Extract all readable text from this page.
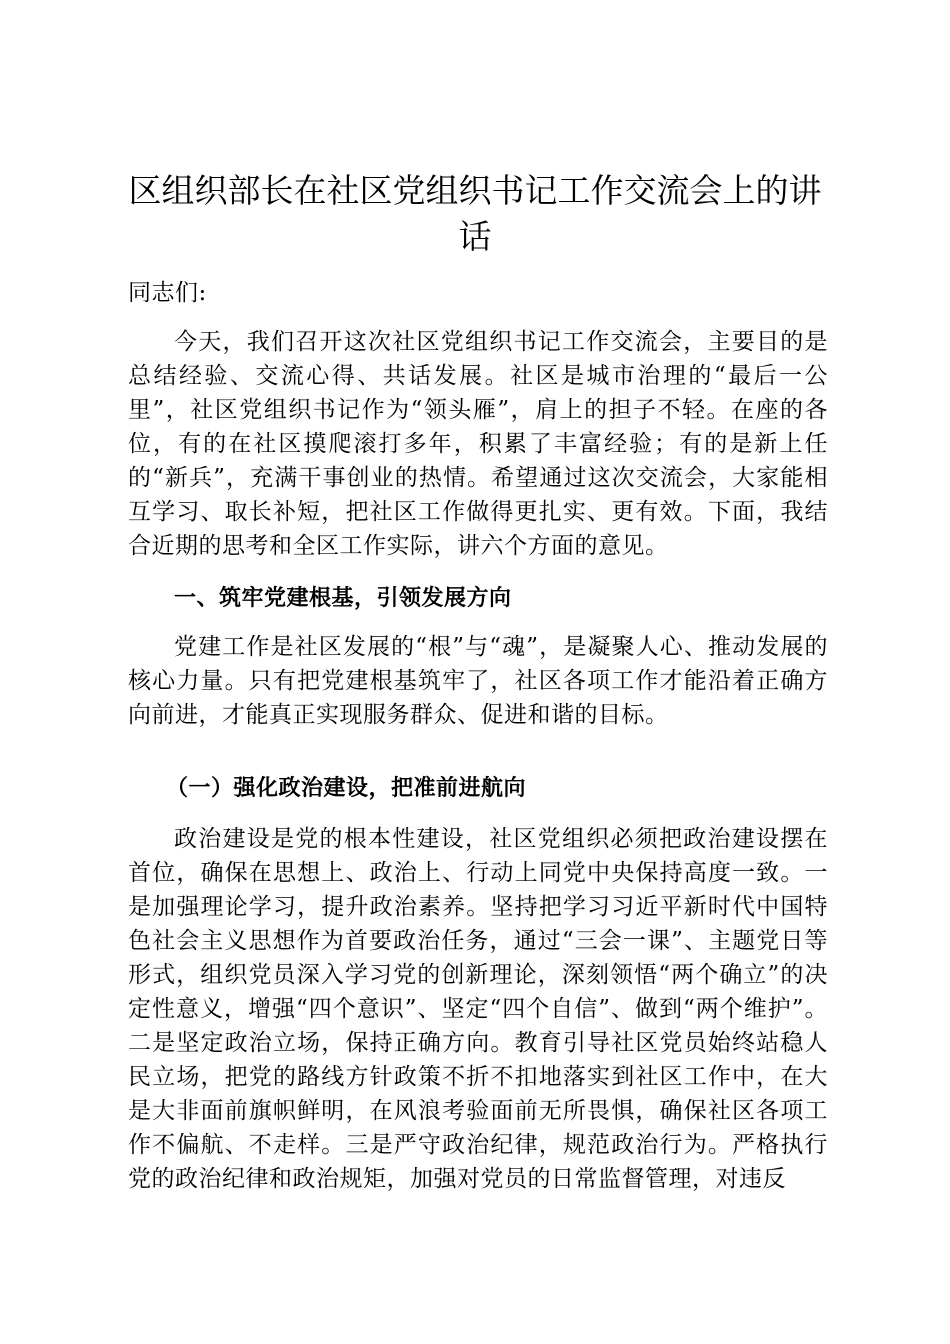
区组织部长在社区党组织书记工作交流会上的讲话

同志们:

今天，我们召开这次社区党组织书记工作交流会，主要目的是总结经验、交流心得、共话发展。社区是城市治理的“最后一公里”，社区党组织书记作为“领头雁”，肩上的担子不轻。在座的各位，有的在社区摸爬滚打多年，积累了丰富经验；有的是新上任的“新兵”，充满干事创业的热情。希望通过这次交流会，大家能相互学习、取长补短，把社区工作做得更扎实、更有效。下面，我结合近期的思考和全区工作实际，讲六个方面的意见。

一、筑牢党建根基，引领发展方向

党建工作是社区发展的“根”与“魂”，是凝聚人心、推动发展的核心力量。只有把党建根基筑牢了，社区各项工作才能沿着正确方向前进，才能真正实现服务群众、促进和谐的目标。

（一）强化政治建设，把准前进航向

政治建设是党的根本性建设，社区党组织必须把政治建设摆在首位，确保在思想上、政治上、行动上同党中央保持高度一致。一是加强理论学习，提升政治素养。坚持把学习习近平新时代中国特色社会主义思想作为首要政治任务，通过“三会一课”、主题党日等形式，组织党员深入学习党的创新理论，深刻领悟“两个确立”的决定性意义，增强“四个意识”、坚定“四个自信”、做到“两个维护”。二是坚定政治立场，保持正确方向。教育引导社区党员始终站稳人民立场，把党的路线方针政策不折不扣地落实到社区工作中，在大是大非面前旗帜鲜明，在风浪考验面前无所畏惧，确保社区各项工作不偏航、不走样。三是严守政治纪律，规范政治行为。严格执行党的政治纪律和政治规矩，加强对党员的日常监督管理，对违反
